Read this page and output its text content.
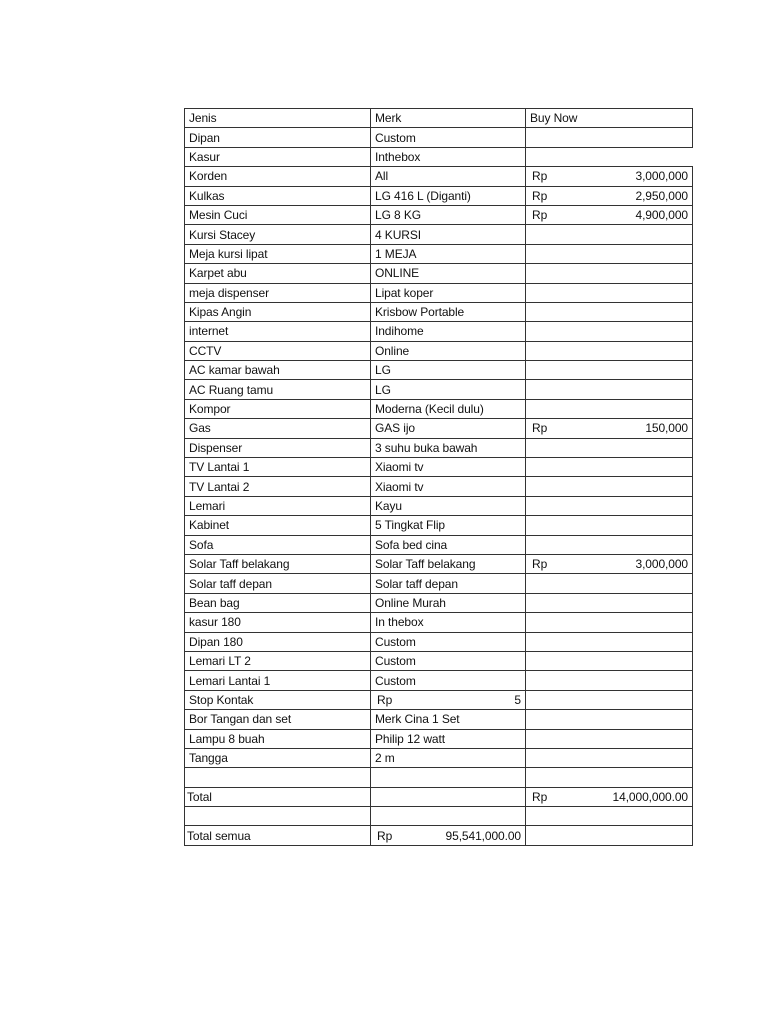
Jenis	Merk	Buy Now
Dipan	Custom	
Kasur	Inthebox	
Korden	All	Rp 3,000,000

Kulkas	LG 416 L (Diganti)	Rp 2,950,000

Mesin Cuci	LG 8 KG	Rp 4,900,000

Kursi Stacey	4 KURSI	
Meja kursi lipat	1 MEJA	
Karpet abu	ONLINE	
meja dispenser	Lipat koper	
Kipas Angin	Krisbow Portable	
internet	Indihome	
CCTV	Online	
AC kamar bawah	LG	
AC Ruang tamu	LG	
Kompor	Moderna (Kecil dulu)	
Gas	GAS ijo	Rp 150,000

Dispenser	3 suhu buka bawah	
TV Lantai 1	Xiaomi tv	
TV Lantai 2	Xiaomi tv	
Lemari	Kayu	
Kabinet	5 Tingkat Flip	
Sofa	Sofa bed cina	
Solar Taff belakang	Solar Taff belakang	Rp 3,000,000

Solar taff depan	Solar taff depan	
Bean bag	Online Murah	
kasur 180	In thebox	
Dipan 180	Custom	
Lemari LT 2	Custom	
Lemari Lantai 1	Custom	
Stop Kontak	Rp 5	

Bor Tangan dan set	Merk Cina 1 Set	
Lampu 8 buah	Philip 12 watt	
Tangga	2 m	

Total		Rp 14,000,000.00

Total semua	Rp 95,541,000.00	
